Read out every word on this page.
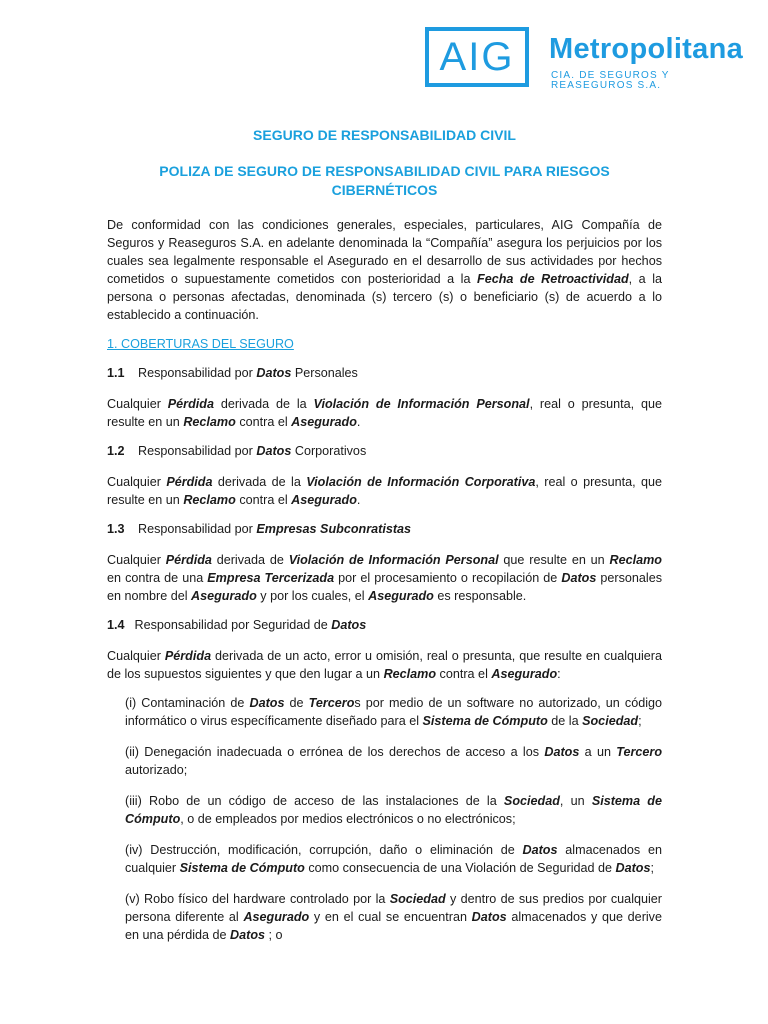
AIG Metropolitana
CIA. DE SEGUROS Y REASEGUROS S.A.
SEGURO DE RESPONSABILIDAD CIVIL
POLIZA DE SEGURO DE RESPONSABILIDAD CIVIL PARA RIESGOS CIBERNÉTICOS

De conformidad con las condiciones generales, especiales, particulares, AIG Compañía de Seguros y Reaseguros S.A. en adelante denominada la “Compañía” asegura los perjuicios por los cuales sea legalmente responsable el Asegurado en el desarrollo de sus actividades por hechos cometidos o supuestamente cometidos con posterioridad a la Fecha de Retroactividad, a la persona o personas afectadas, denominada (s) tercero (s) o beneficiario (s) de acuerdo a lo establecido a continuación.

1. COBERTURAS DEL SEGURO

1.1 Responsabilidad por Datos Personales

Cualquier Pérdida derivada de la Violación de Información Personal, real o presunta, que resulte en un Reclamo contra el Asegurado.

1.2 Responsabilidad por Datos Corporativos

Cualquier Pérdida derivada de la Violación de Información Corporativa, real o presunta, que resulte en un Reclamo contra el Asegurado.

1.3 Responsabilidad por Empresas Subconratistas

Cualquier Pérdida derivada de Violación de Información Personal que resulte en un Reclamo en contra de una Empresa Tercerizada por el procesamiento o recopilación de Datos personales en nombre del Asegurado y por los cuales, el Asegurado es responsable.

1.4 Responsabilidad por Seguridad de Datos

Cualquier Pérdida derivada de un acto, error u omisión, real o presunta, que resulte en cualquiera de los supuestos siguientes y que den lugar a un Reclamo contra el Asegurado:

(i) Contaminación de Datos de Terceros por medio de un software no autorizado, un código informático o virus específicamente diseñado para el Sistema de Cómputo de la Sociedad;

(ii) Denegación inadecuada o errónea de los derechos de acceso a los Datos a un Tercero autorizado;

(iii) Robo de un código de acceso de las instalaciones de la Sociedad, un Sistema de Cómputo, o de empleados por medios electrónicos o no electrónicos;

(iv) Destrucción, modificación, corrupción, daño o eliminación de Datos almacenados en cualquier Sistema de Cómputo como consecuencia de una Violación de Seguridad de Datos;

(v) Robo físico del hardware controlado por la Sociedad y dentro de sus predios por cualquier persona diferente al Asegurado y en el cual se encuentran Datos almacenados y que derive en una pérdida de Datos ; o
